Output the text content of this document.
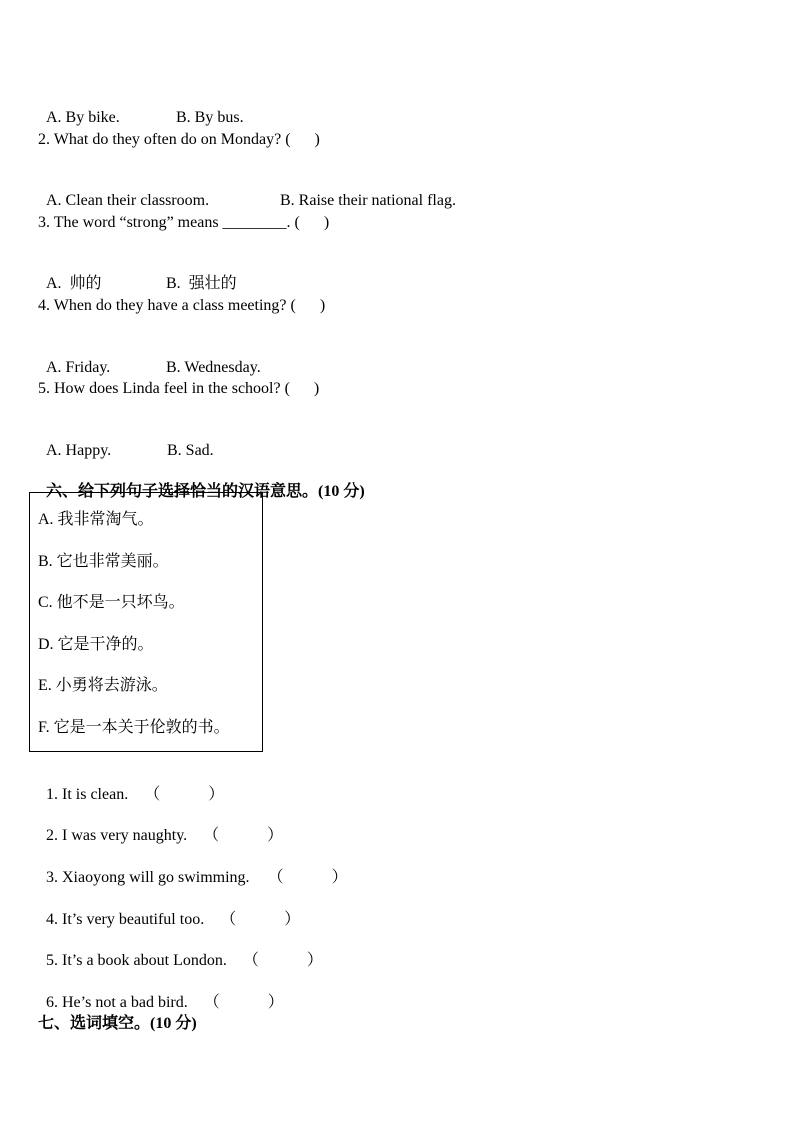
A. By bike.	B. By bus.

2. What do they often do on Monday? (      )

A. Clean their classroom.	B. Raise their national flag.

3. The word “strong” means ________. (      )

A.  帅的	B.  强壮的

4. When do they have a class meeting? (      )

A. Friday.	B. Wednesday.

5. How does Linda feel in the school? (      )

A. Happy.	B. Sad.

六、给下列句子选择恰当的汉语意思。(10 分)

A. 我非常淘气。
B. 它也非常美丽。
C. 他不是一只坏鸟。
D. 它是干净的。
E. 小勇将去游泳。
F. 它是一本关于伦敦的书。

1. It is clean. （            ）

2. I was very naughty. （            ）

3. Xiaoyong will go swimming. （            ）

4. It’s very beautiful too. （            ）

5. It’s a book about London. （            ）

6. He’s not a bad bird. （            ）

七、选词填空。(10 分)
